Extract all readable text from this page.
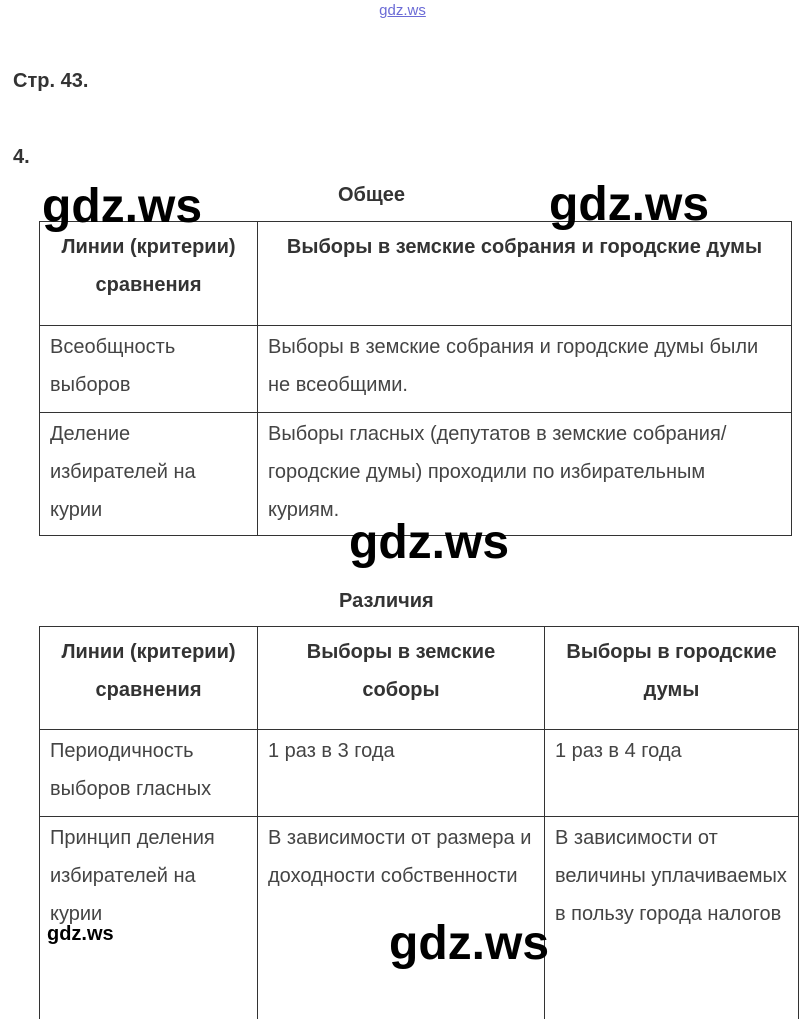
gdz.ws
Стр. 43.
4.
Общее
Линии (критерии) сравнения	Выборы в земские собрания и городские думы
Всеобщность выборов	Выборы в земские собрания и городские думы были не всеобщими.
Деление избирателей на курии	Выборы гласных (депутатов в земские собрания/городские думы) проходили по избирательным куриям.
Различия
Линии (критерии) сравнения	Выборы в земские соборы	Выборы в городские думы
Периодичность выборов гласных	1 раз в 3 года	1 раз в 4 года
Принцип деления избирателей на курии	В зависимости от размера и доходности собственности	В зависимости от величины уплачиваемых в пользу города налогов
gdz.ws	gdz.ws
gdz.ws
gdz.ws
gdz.ws
